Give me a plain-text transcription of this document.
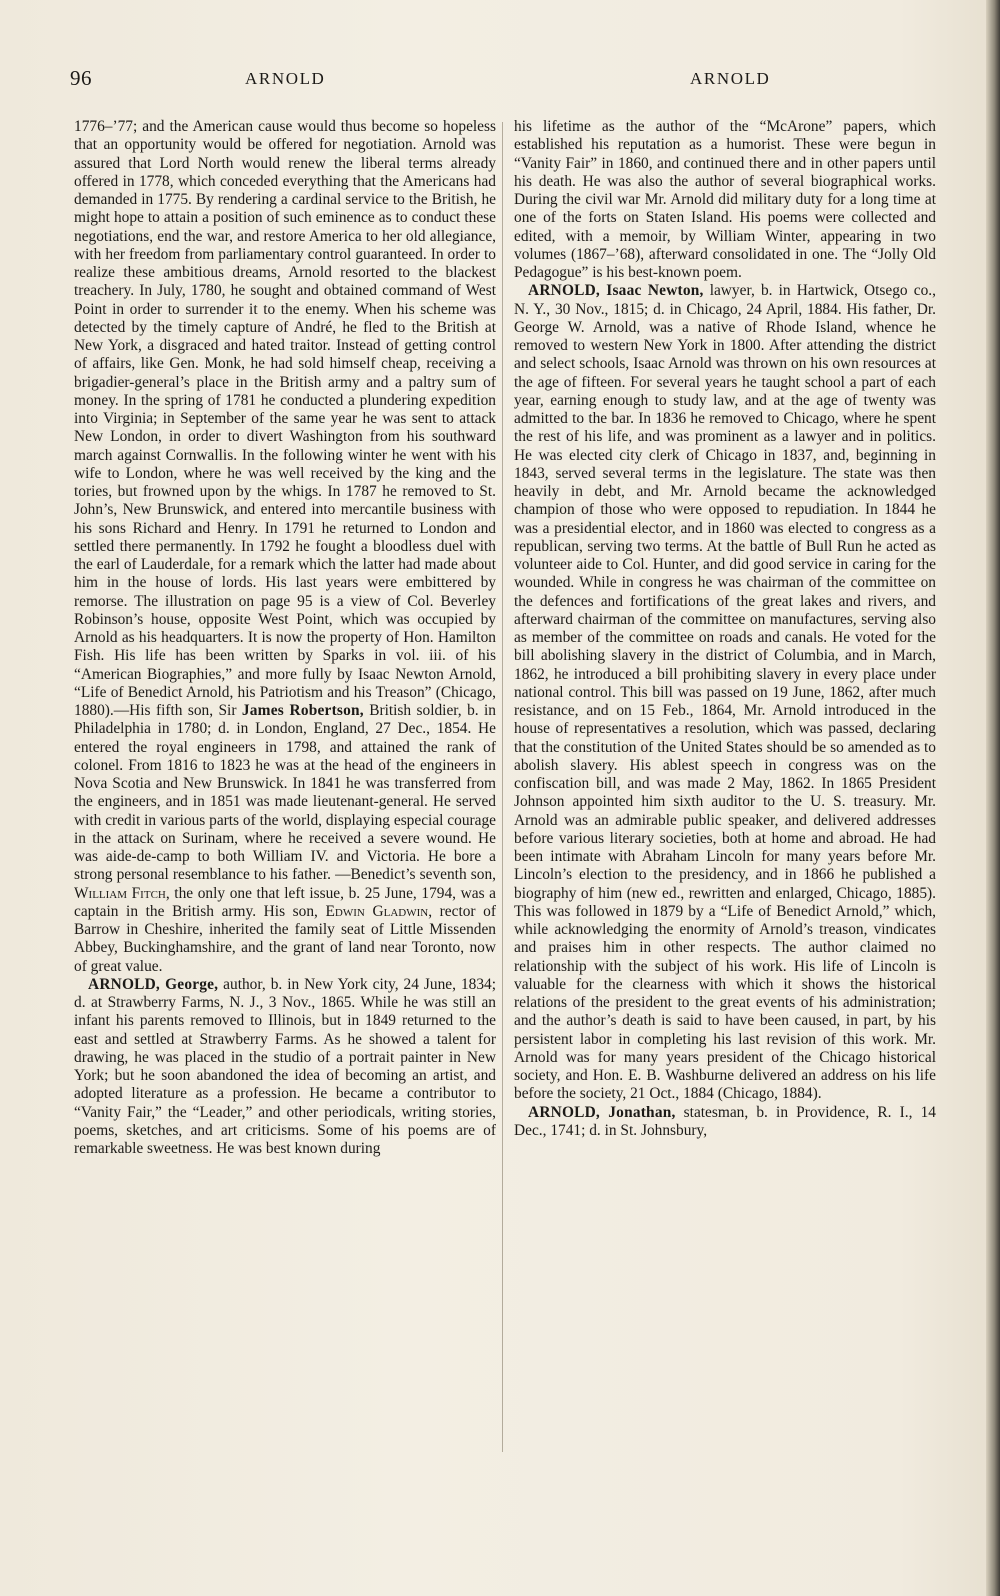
96	ARNOLD	ARNOLD

1776–’77; and the American cause would thus become so hopeless that an opportunity would be offered for negotiation. Arnold was assured that Lord North would renew the liberal terms already offered in 1778, which conceded everything that the Americans had demanded in 1775. By rendering a cardinal service to the British, he might hope to attain a position of such eminence as to conduct these negotiations, end the war, and restore America to her old allegiance, with her freedom from parliamentary control guaranteed. In order to realize these ambitious dreams, Arnold resorted to the blackest treachery. In July, 1780, he sought and obtained command of West Point in order to surrender it to the enemy. When his scheme was detected by the timely capture of André, he fled to the British at New York, a disgraced and hated traitor. Instead of getting control of affairs, like Gen. Monk, he had sold himself cheap, receiving a brigadier-general’s place in the British army and a paltry sum of money. In the spring of 1781 he conducted a plundering expedition into Virginia; in September of the same year he was sent to attack New London, in order to divert Washington from his southward march against Cornwallis. In the following winter he went with his wife to London, where he was well received by the king and the tories, but frowned upon by the whigs. In 1787 he removed to St. John’s, New Brunswick, and entered into mercantile business with his sons Richard and Henry. In 1791 he returned to London and settled there permanently. In 1792 he fought a bloodless duel with the earl of Lauderdale, for a remark which the latter had made about him in the house of lords. His last years were embittered by remorse. The illustration on page 95 is a view of Col. Beverley Robinson’s house, opposite West Point, which was occupied by Arnold as his headquarters. It is now the property of Hon. Hamilton Fish. His life has been written by Sparks in vol. iii. of his “American Biographies,” and more fully by Isaac Newton Arnold, “Life of Benedict Arnold, his Patriotism and his Treason” (Chicago, 1880).—His fifth son, Sir James Robertson, British soldier, b. in Philadelphia in 1780; d. in London, England, 27 Dec., 1854. He entered the royal engineers in 1798, and attained the rank of colonel. From 1816 to 1823 he was at the head of the engineers in Nova Scotia and New Brunswick. In 1841 he was transferred from the engineers, and in 1851 was made lieutenant-general. He served with credit in various parts of the world, displaying especial courage in the attack on Surinam, where he received a severe wound. He was aide-de-camp to both William IV. and Victoria. He bore a strong personal resemblance to his father. —Benedict’s seventh son, William Fitch, the only one that left issue, b. 25 June, 1794, was a captain in the British army. His son, Edwin Gladwin, rector of Barrow in Cheshire, inherited the family seat of Little Missenden Abbey, Buckinghamshire, and the grant of land near Toronto, now of great value.

ARNOLD, George, author, b. in New York city, 24 June, 1834; d. at Strawberry Farms, N. J., 3 Nov., 1865. While he was still an infant his parents removed to Illinois, but in 1849 returned to the east and settled at Strawberry Farms. As he showed a talent for drawing, he was placed in the studio of a portrait painter in New York; but he soon abandoned the idea of becoming an artist, and adopted literature as a profession. He became a contributor to “Vanity Fair,” the “Leader,” and other periodicals, writing stories, poems, sketches, and art criticisms. Some of his poems are of remarkable sweetness. He was best known during

his lifetime as the author of the “McArone” papers, which established his reputation as a humorist. These were begun in “Vanity Fair” in 1860, and continued there and in other papers until his death. He was also the author of several biographical works. During the civil war Mr. Arnold did military duty for a long time at one of the forts on Staten Island. His poems were collected and edited, with a memoir, by William Winter, appearing in two volumes (1867–’68), afterward consolidated in one. The “Jolly Old Pedagogue” is his best-known poem.

ARNOLD, Isaac Newton, lawyer, b. in Hartwick, Otsego co., N. Y., 30 Nov., 1815; d. in Chicago, 24 April, 1884. His father, Dr. George W. Arnold, was a native of Rhode Island, whence he removed to western New York in 1800. After attending the district and select schools, Isaac Arnold was thrown on his own resources at the age of fifteen. For several years he taught school a part of each year, earning enough to study law, and at the age of twenty was admitted to the bar. In 1836 he removed to Chicago, where he spent the rest of his life, and was prominent as a lawyer and in politics. He was elected city clerk of Chicago in 1837, and, beginning in 1843, served several terms in the legislature. The state was then heavily in debt, and Mr. Arnold became the acknowledged champion of those who were opposed to repudiation. In 1844 he was a presidential elector, and in 1860 was elected to congress as a republican, serving two terms. At the battle of Bull Run he acted as volunteer aide to Col. Hunter, and did good service in caring for the wounded. While in congress he was chairman of the committee on the defences and fortifications of the great lakes and rivers, and afterward chairman of the committee on manufactures, serving also as member of the committee on roads and canals. He voted for the bill abolishing slavery in the district of Columbia, and in March, 1862, he introduced a bill prohibiting slavery in every place under national control. This bill was passed on 19 June, 1862, after much resistance, and on 15 Feb., 1864, Mr. Arnold introduced in the house of representatives a resolution, which was passed, declaring that the constitution of the United States should be so amended as to abolish slavery. His ablest speech in congress was on the confiscation bill, and was made 2 May, 1862. In 1865 President Johnson appointed him sixth auditor to the U. S. treasury. Mr. Arnold was an admirable public speaker, and delivered addresses before various literary societies, both at home and abroad. He had been intimate with Abraham Lincoln for many years before Mr. Lincoln’s election to the presidency, and in 1866 he published a biography of him (new ed., rewritten and enlarged, Chicago, 1885). This was followed in 1879 by a “Life of Benedict Arnold,” which, while acknowledging the enormity of Arnold’s treason, vindicates and praises him in other respects. The author claimed no relationship with the subject of his work. His life of Lincoln is valuable for the clearness with which it shows the historical relations of the president to the great events of his administration; and the author’s death is said to have been caused, in part, by his persistent labor in completing his last revision of this work. Mr. Arnold was for many years president of the Chicago historical society, and Hon. E. B. Washburne delivered an address on his life before the society, 21 Oct., 1884 (Chicago, 1884).

ARNOLD, Jonathan, statesman, b. in Providence, R. I., 14 Dec., 1741; d. in St. Johnsbury,
